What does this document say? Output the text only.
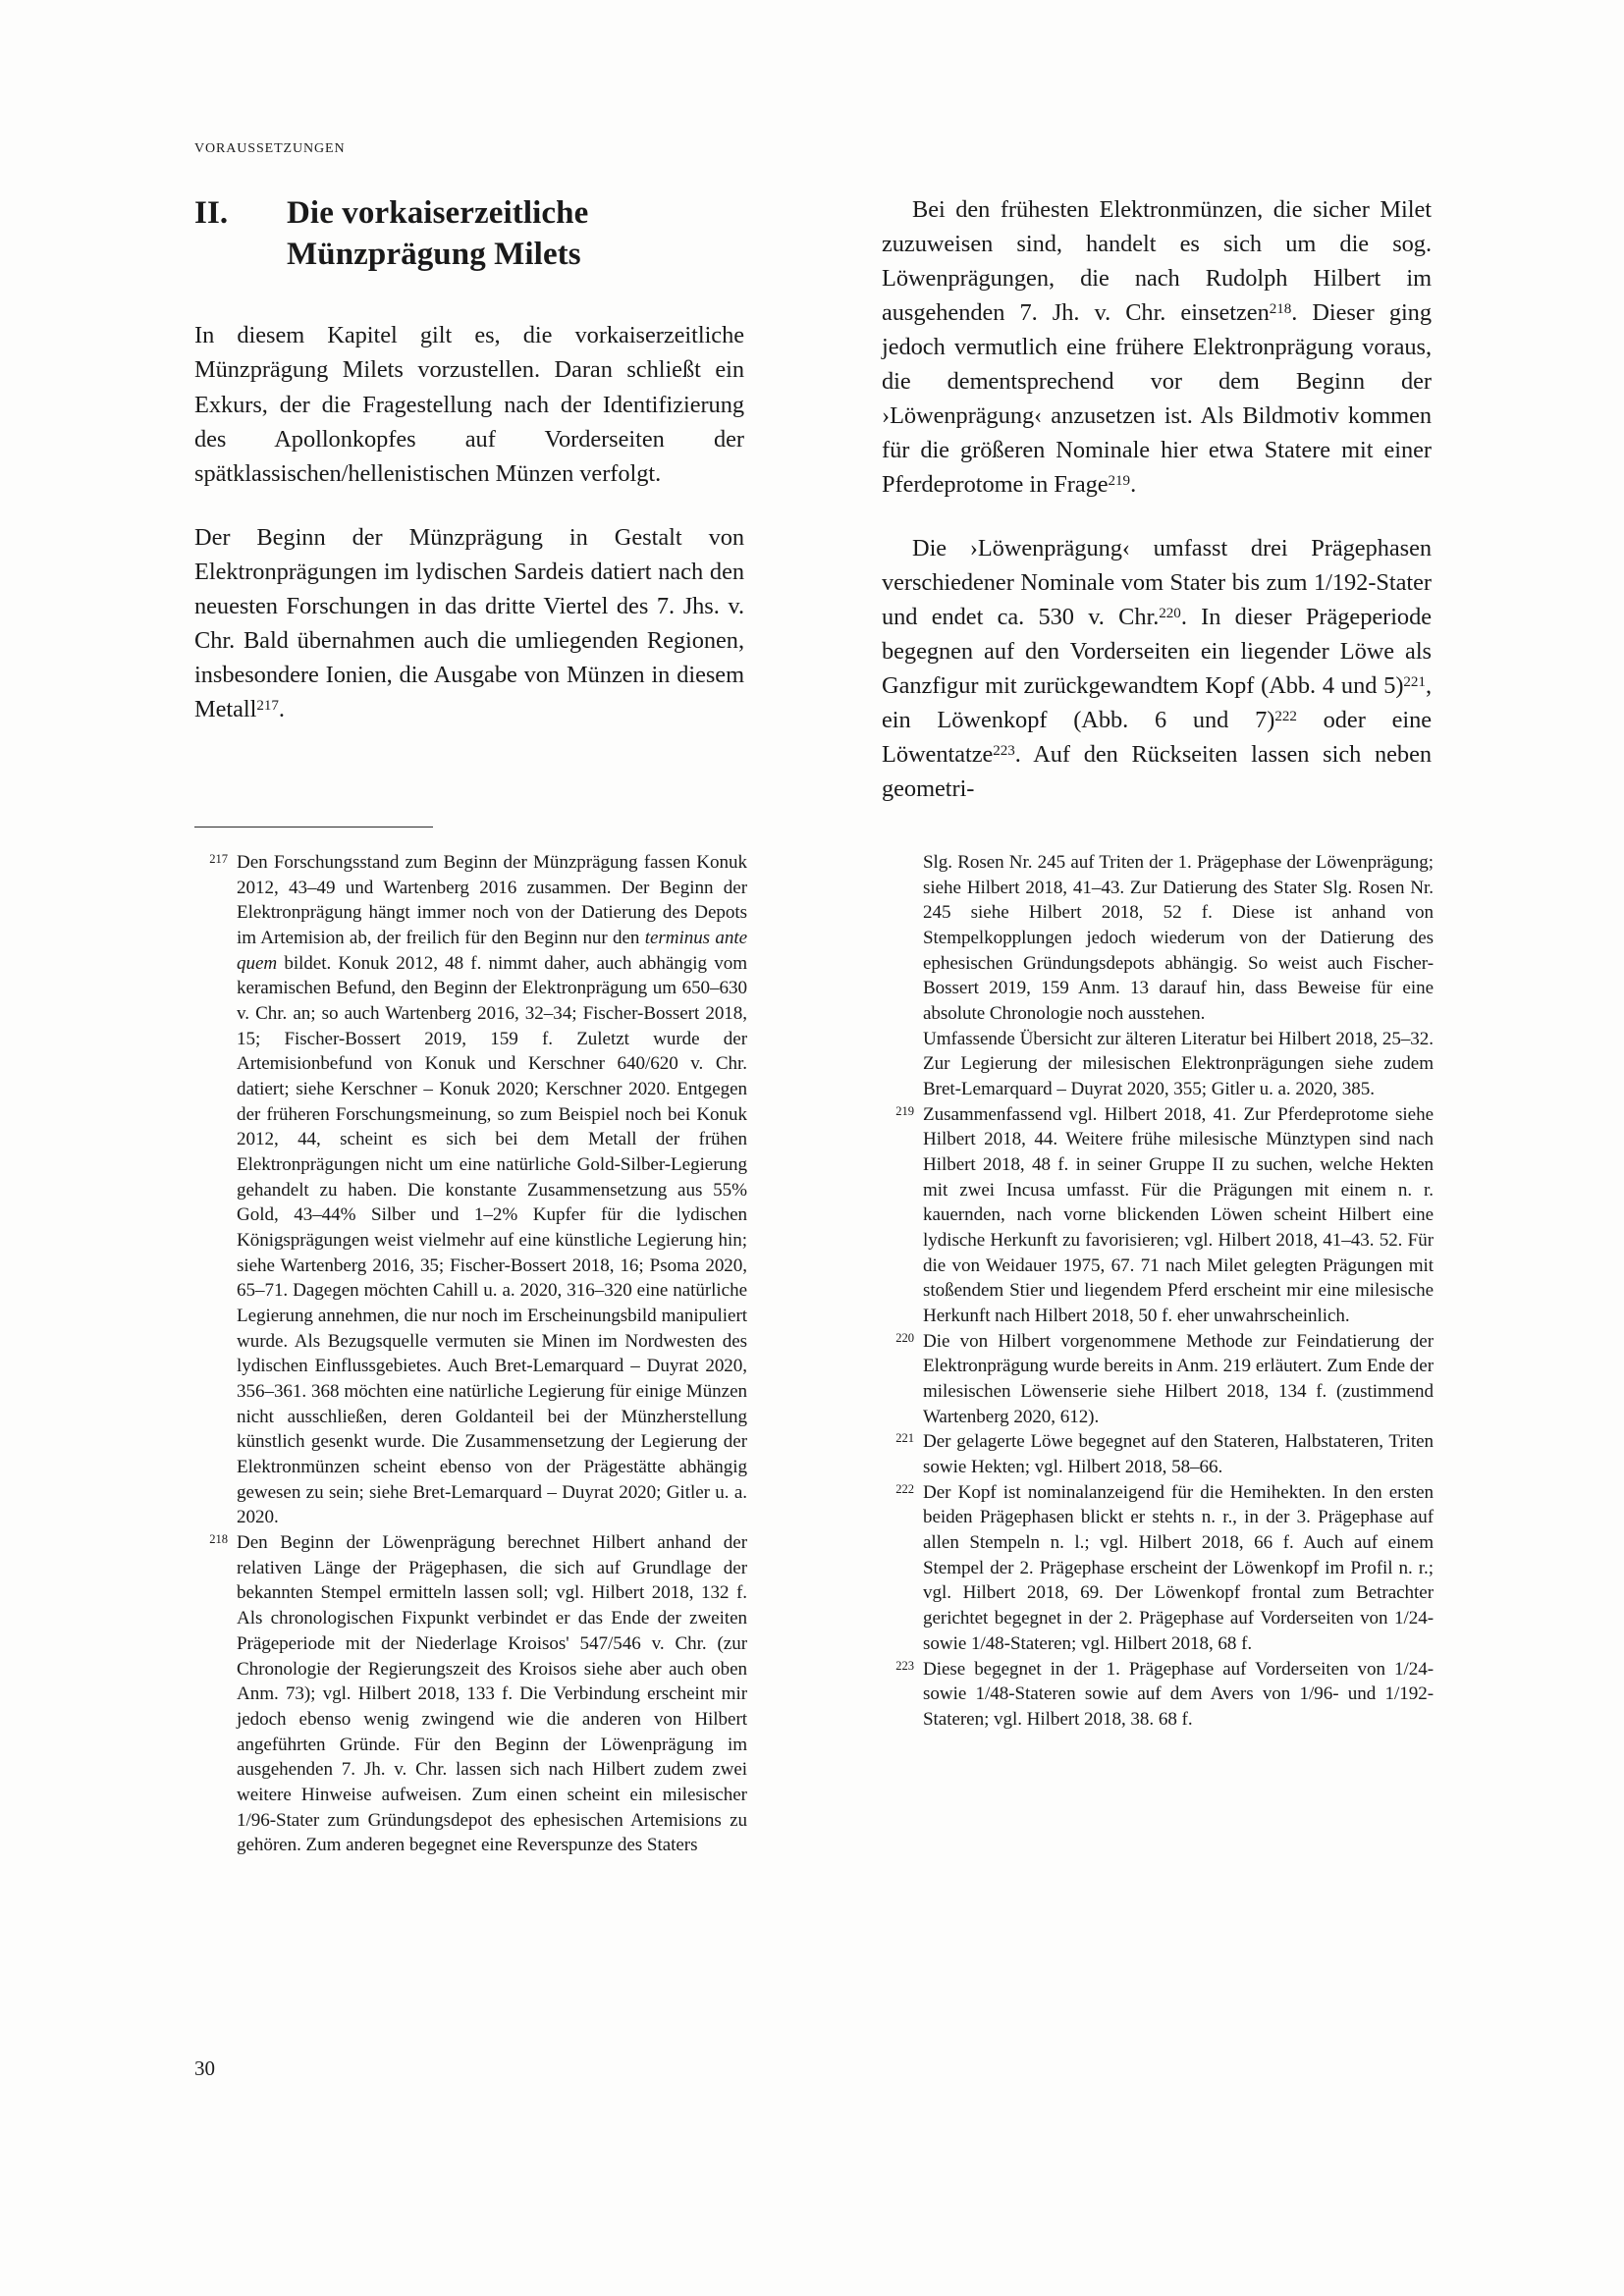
voraussetzungen
II. Die vorkaiserzeitliche Münzprägung Milets

In diesem Kapitel gilt es, die vorkaiserzeitliche Münzprägung Milets vorzustellen. Daran schließt ein Exkurs, der die Fragestellung nach der Identifizierung des Apollonkopfes auf Vorderseiten der spätklassischen/hellenistischen Münzen verfolgt.

Der Beginn der Münzprägung in Gestalt von Elektronprägungen im lydischen Sardeis datiert nach den neuesten Forschungen in das dritte Viertel des 7. Jhs. v. Chr. Bald übernahmen auch die umliegenden Regionen, insbesondere Ionien, die Ausgabe von Münzen in diesem Metall$^{217}$.

Bei den frühesten Elektronmünzen, die sicher Milet zuzuweisen sind, handelt es sich um die sog. Löwenprägungen, die nach Rudolph Hilbert im ausgehenden 7. Jh. v. Chr. einsetzen$^{218}$. Dieser ging jedoch vermutlich eine frühere Elektronprägung voraus, die dementsprechend vor dem Beginn der ›Löwenprägung‹ anzusetzen ist. Als Bildmotiv kommen für die größeren Nominale hier etwa Statere mit einer Pferdeprotome in Frage$^{219}$.

Die ›Löwenprägung‹ umfasst drei Prägephasen verschiedener Nominale vom Stater bis zum 1/192-Stater und endet ca. 530 v. Chr.$^{220}$. In dieser Prägeperiode begegnen auf den Vorderseiten ein liegender Löwe als Ganzfigur mit zurückgewandtem Kopf (Abb. 4 und 5)$^{221}$, ein Löwenkopf (Abb. 6 und 7)$^{222}$ oder eine Löwentatze$^{223}$. Auf den Rückseiten lassen sich neben geometri-

217 Den Forschungsstand zum Beginn der Münzprägung fassen Konuk 2012, 43–49 und Wartenberg 2016 zusammen. Der Beginn der Elektronprägung hängt immer noch von der Datierung des Depots im Artemision ab, der freilich für den Beginn nur den terminus ante quem bildet. Konuk 2012, 48 f. nimmt daher, auch abhängig vom keramischen Befund, den Beginn der Elektronprägung um 650–630 v. Chr. an; so auch Wartenberg 2016, 32–34; Fischer-Bossert 2018, 15; Fischer-Bossert 2019, 159 f. Zuletzt wurde der Artemisionbefund von Konuk und Kerschner 640/620 v. Chr. datiert; siehe Kerschner – Konuk 2020; Kerschner 2020. Entgegen der früheren Forschungsmeinung, so zum Beispiel noch bei Konuk 2012, 44, scheint es sich bei dem Metall der frühen Elektronprägungen nicht um eine natürliche Gold-Silber-Legierung gehandelt zu haben. Die konstante Zusammensetzung aus 55% Gold, 43–44% Silber und 1–2% Kupfer für die lydischen Königsprägungen weist vielmehr auf eine künstliche Legierung hin; siehe Wartenberg 2016, 35; Fischer-Bossert 2018, 16; Psoma 2020, 65–71. Dagegen möchten Cahill u. a. 2020, 316–320 eine natürliche Legierung annehmen, die nur noch im Erscheinungsbild manipuliert wurde. Als Bezugsquelle vermuten sie Minen im Nordwesten des lydischen Einflussgebietes. Auch Bret-Lemarquard – Duyrat 2020, 356–361. 368 möchten eine natürliche Legierung für einige Münzen nicht ausschließen, deren Goldanteil bei der Münzherstellung künstlich gesenkt wurde. Die Zusammensetzung der Legierung der Elektronmünzen scheint ebenso von der Prägestätte abhängig gewesen zu sein; siehe Bret-Lemarquard – Duyrat 2020; Gitler u. a. 2020.
218 Den Beginn der Löwenprägung berechnet Hilbert anhand der relativen Länge der Prägephasen, die sich auf Grundlage der bekannten Stempel ermitteln lassen soll; vgl. Hilbert 2018, 132 f. Als chronologischen Fixpunkt verbindet er das Ende der zweiten Prägeperiode mit der Niederlage Kroisos' 547/546 v. Chr. (zur Chronologie der Regierungszeit des Kroisos siehe aber auch oben Anm. 73); vgl. Hilbert 2018, 133 f. Die Verbindung erscheint mir jedoch ebenso wenig zwingend wie die anderen von Hilbert angeführten Gründe. Für den Beginn der Löwenprägung im ausgehenden 7. Jh. v. Chr. lassen sich nach Hilbert zudem zwei weitere Hinweise aufweisen. Zum einen scheint ein milesischer 1/96-Stater zum Gründungsdepot des ephesischen Artemisions zu gehören. Zum anderen begegnet eine Reverspunze des Staters
Slg. Rosen Nr. 245 auf Triten der 1. Prägephase der Löwenprägung; siehe Hilbert 2018, 41–43. Zur Datierung des Stater Slg. Rosen Nr. 245 siehe Hilbert 2018, 52 f. Diese ist anhand von Stempelkopplungen jedoch wiederum von der Datierung des ephesischen Gründungsdepots abhängig. So weist auch Fischer-Bossert 2019, 159 Anm. 13 darauf hin, dass Beweise für eine absolute Chronologie noch ausstehen.
Umfassende Übersicht zur älteren Literatur bei Hilbert 2018, 25–32. Zur Legierung der milesischen Elektronprägungen siehe zudem Bret-Lemarquard – Duyrat 2020, 355; Gitler u. a. 2020, 385.
219 Zusammenfassend vgl. Hilbert 2018, 41. Zur Pferdeprotome siehe Hilbert 2018, 44. Weitere frühe milesische Münztypen sind nach Hilbert 2018, 48 f. in seiner Gruppe II zu suchen, welche Hekten mit zwei Incusa umfasst. Für die Prägungen mit einem n. r. kauernden, nach vorne blickenden Löwen scheint Hilbert eine lydische Herkunft zu favorisieren; vgl. Hilbert 2018, 41–43. 52. Für die von Weidauer 1975, 67. 71 nach Milet gelegten Prägungen mit stoßendem Stier und liegendem Pferd erscheint mir eine milesische Herkunft nach Hilbert 2018, 50 f. eher unwahrscheinlich.
220 Die von Hilbert vorgenommene Methode zur Feindatierung der Elektronprägung wurde bereits in Anm. 219 erläutert. Zum Ende der milesischen Löwenserie siehe Hilbert 2018, 134 f. (zustimmend Wartenberg 2020, 612).
221 Der gelagerte Löwe begegnet auf den Stateren, Halbstateren, Triten sowie Hekten; vgl. Hilbert 2018, 58–66.
222 Der Kopf ist nominalanzeigend für die Hemihekten. In den ersten beiden Prägephasen blickt er stehts n. r., in der 3. Prägephase auf allen Stempeln n. l.; vgl. Hilbert 2018, 66 f. Auch auf einem Stempel der 2. Prägephase erscheint der Löwenkopf im Profil n. r.; vgl. Hilbert 2018, 69. Der Löwenkopf frontal zum Betrachter gerichtet begegnet in der 2. Prägephase auf Vorderseiten von 1/24- sowie 1/48-Stateren; vgl. Hilbert 2018, 68 f.
223 Diese begegnet in der 1. Prägephase auf Vorderseiten von 1/24- sowie 1/48-Stateren sowie auf dem Avers von 1/96- und 1/192-Stateren; vgl. Hilbert 2018, 38. 68 f.
30
